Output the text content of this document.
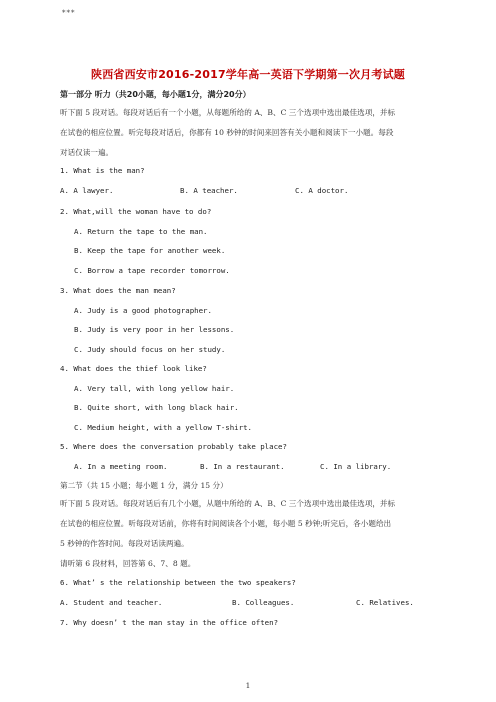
***
陕西省西安市2016-2017学年高一英语下学期第一次月考试题
第一部分 听力（共20小题，每小题1分，满分20分）
听下面 5 段对话。每段对话后有一个小题，从每题所给的 A、B、C 三个选项中选出最佳选项，并标
在试卷的相应位置。听完每段对话后，你都有 10 秒钟的时间来回答有关小题和阅读下一小题。每段
对话仅读一遍。
1. What is the man?
A. A lawyer.	B. A teacher.	C. A doctor.
2. What,will the woman have to do?
A. Return the tape to the man.
B. Keep the tape for another week.
C. Borrow a tape recorder tomorrow.
3. What does the man mean?
A. Judy is a good photographer.
B. Judy is very poor in her lessons.
C. Judy should focus on her study.
4. What does the thief look like?
A. Very tall, with long yellow hair.
B. Quite short, with long black hair.
C. Medium height, with a yellow T-shirt.
5. Where does the conversation probably take place?
A. In a meeting room.	B. In a restaurant.	C. In a library.
第二节（共 15 小题；每小题 1 分，满分 15 分）
听下面 5 段对话。每段对话后有几个小题，从题中所给的 A、B、C 三个选项中选出最佳选项，并标
在试卷的相应位置。听每段对话前，你将有时间阅读各个小题，每小题 5 秒钟;听完后，各小题给出
5 秒钟的作答时间。每段对话读两遍。
请听第 6 段材料，回答第 6、7、8 题。
6. What’ s the relationship between the two speakers?
A. Student and teacher.	B. Colleagues.	C. Relatives.
7. Why doesn’ t the man stay in the office often?
1
